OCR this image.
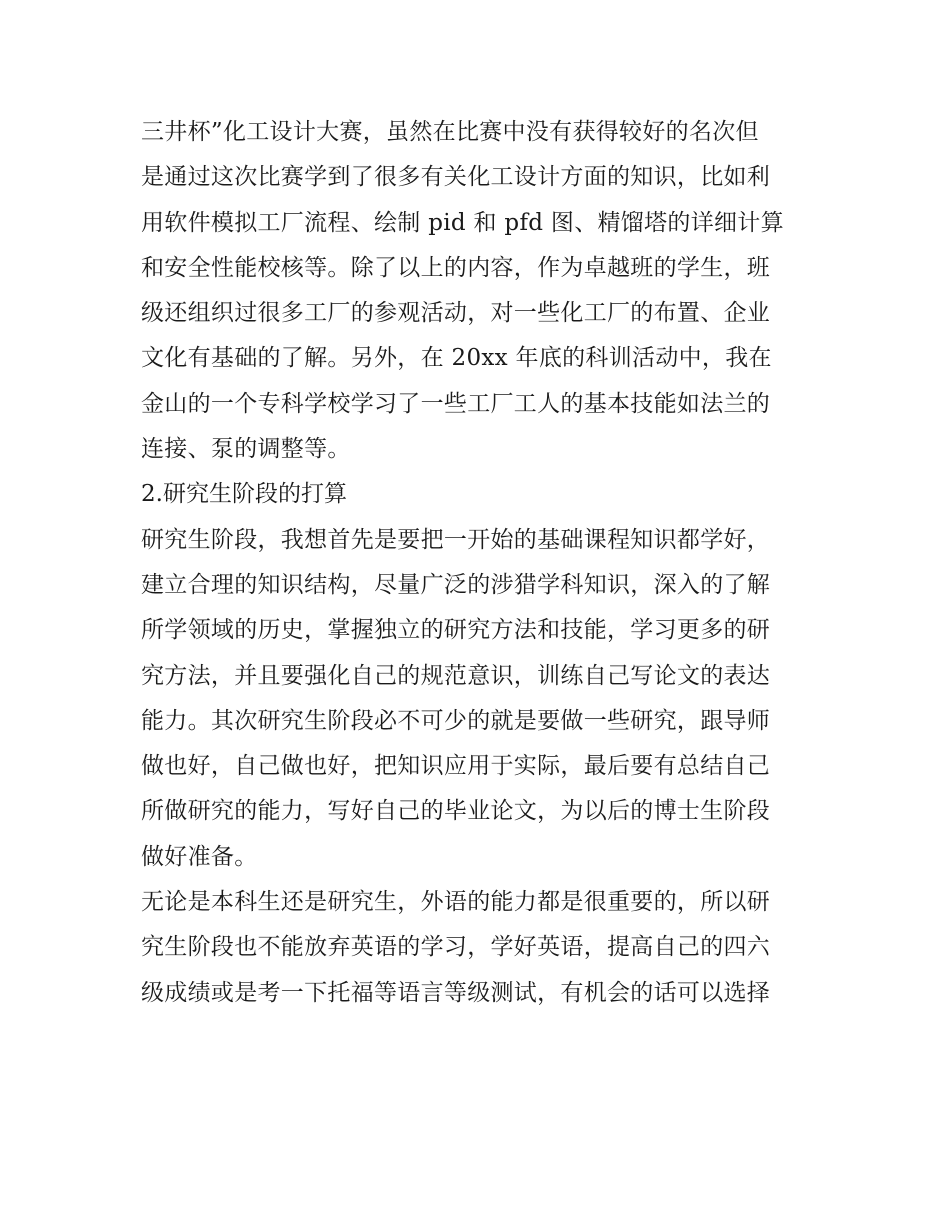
三井杯”化工设计大赛，虽然在比赛中没有获得较好的名次但

是通过这次比赛学到了很多有关化工设计方面的知识，比如利

用软件模拟工厂流程、绘制 pid 和 pfd 图、精馏塔的详细计算

和安全性能校核等。除了以上的内容，作为卓越班的学生，班

级还组织过很多工厂的参观活动，对一些化工厂的布置、企业

文化有基础的了解。另外，在 20xx 年底的科训活动中，我在

金山的一个专科学校学习了一些工厂工人的基本技能如法兰的

连接、泵的调整等。

2.研究生阶段的打算

研究生阶段，我想首先是要把一开始的基础课程知识都学好，

建立合理的知识结构，尽量广泛的涉猎学科知识，深入的了解

所学领域的历史，掌握独立的研究方法和技能，学习更多的研

究方法，并且要强化自己的规范意识，训练自己写论文的表达

能力。其次研究生阶段必不可少的就是要做一些研究，跟导师

做也好，自己做也好，把知识应用于实际，最后要有总结自己

所做研究的能力，写好自己的毕业论文，为以后的博士生阶段

做好准备。

无论是本科生还是研究生，外语的能力都是很重要的，所以研

究生阶段也不能放弃英语的学习，学好英语，提高自己的四六

级成绩或是考一下托福等语言等级测试，有机会的话可以选择
